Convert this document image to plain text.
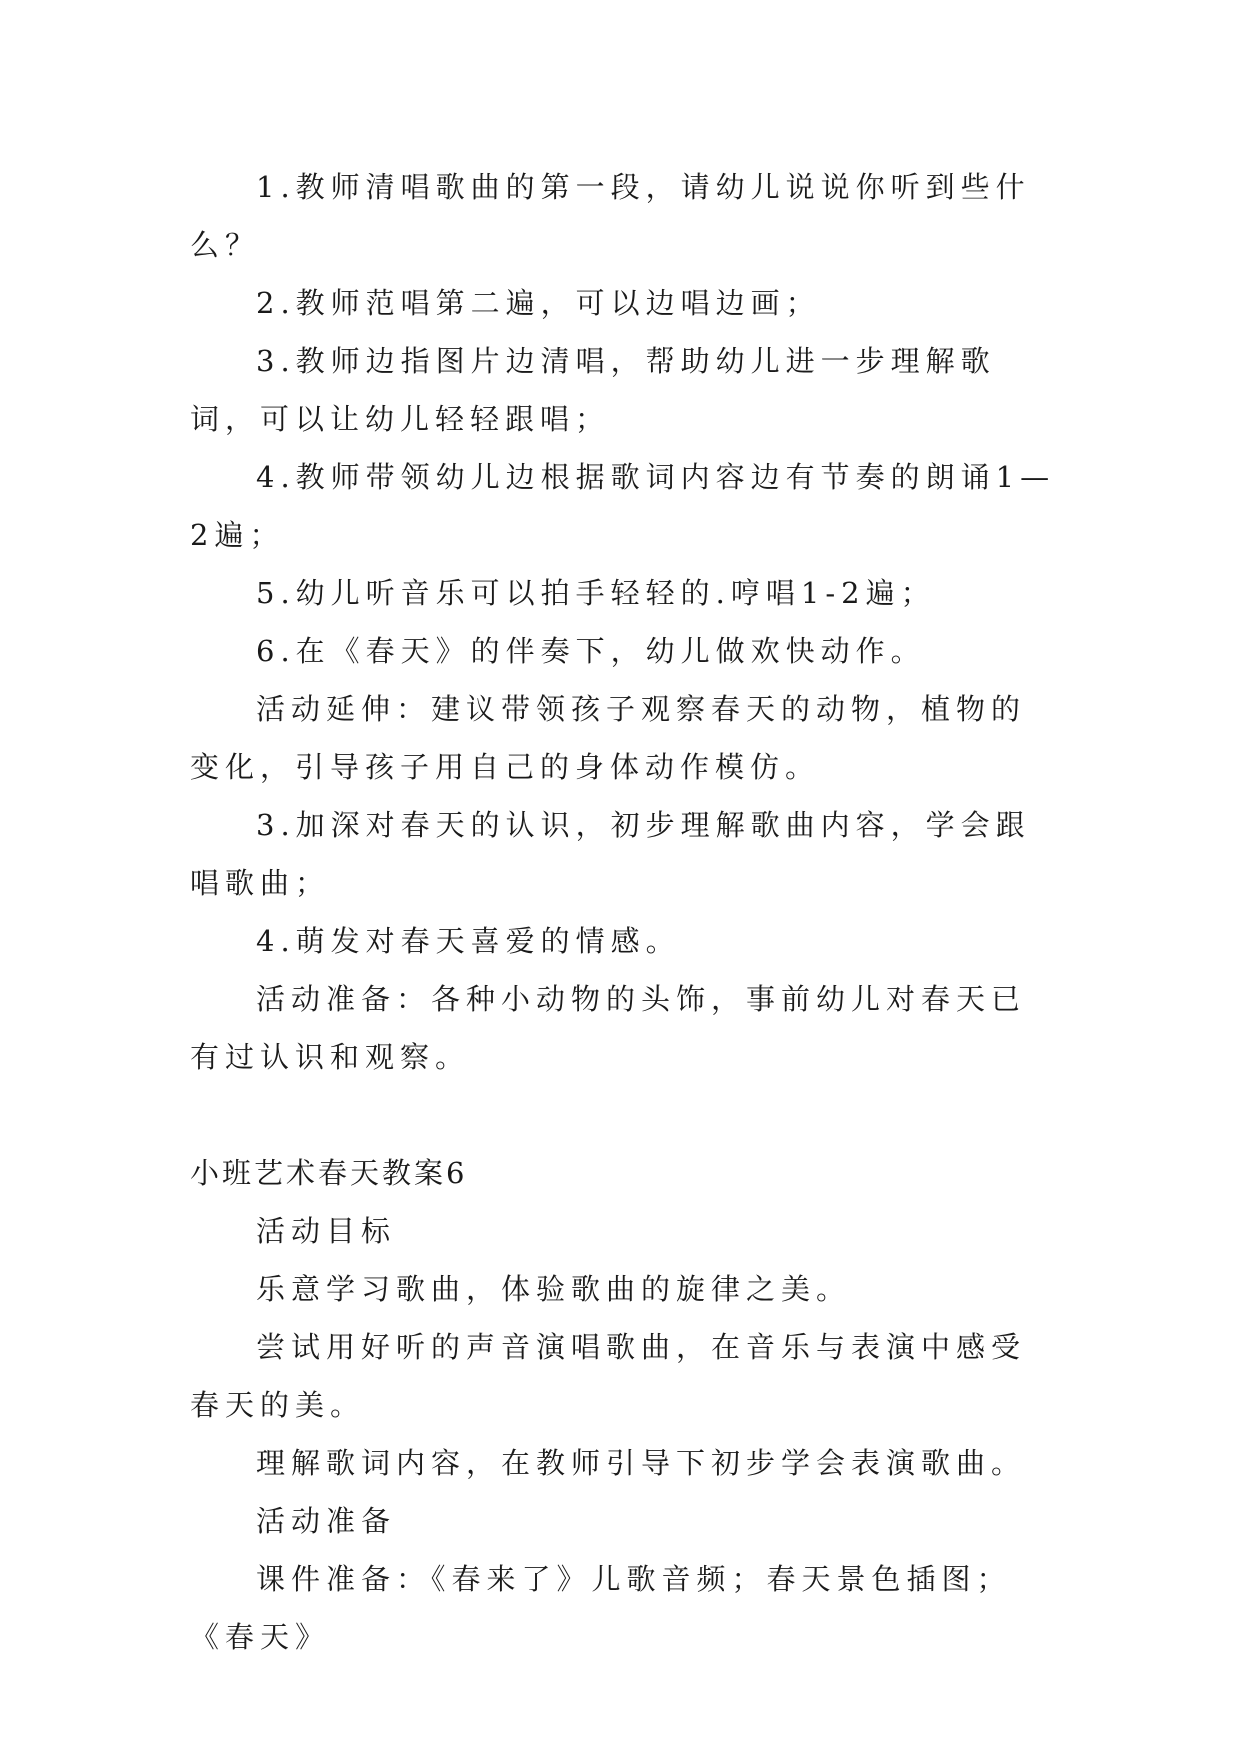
1.教师清唱歌曲的第一段，请幼儿说说你听到些什么？

2.教师范唱第二遍，可以边唱边画；

3.教师边指图片边清唱，帮助幼儿进一步理解歌词，可以让幼儿轻轻跟唱；

4.教师带领幼儿边根据歌词内容边有节奏的朗诵1—2遍；

5.幼儿听音乐可以拍手轻轻的.哼唱1-2遍；

6.在《春天》的伴奏下，幼儿做欢快动作。

活动延伸：建议带领孩子观察春天的动物，植物的变化，引导孩子用自己的身体动作模仿。

3.加深对春天的认识，初步理解歌曲内容，学会跟唱歌曲；

4.萌发对春天喜爱的情感。

活动准备：各种小动物的头饰，事前幼儿对春天已有过认识和观察。

小班艺术春天教案6

活动目标

乐意学习歌曲，体验歌曲的旋律之美。

尝试用好听的声音演唱歌曲，在音乐与表演中感受春天的美。

理解歌词内容，在教师引导下初步学会表演歌曲。

活动准备

课件准备：《春来了》儿歌音频；春天景色插图；《春天》
